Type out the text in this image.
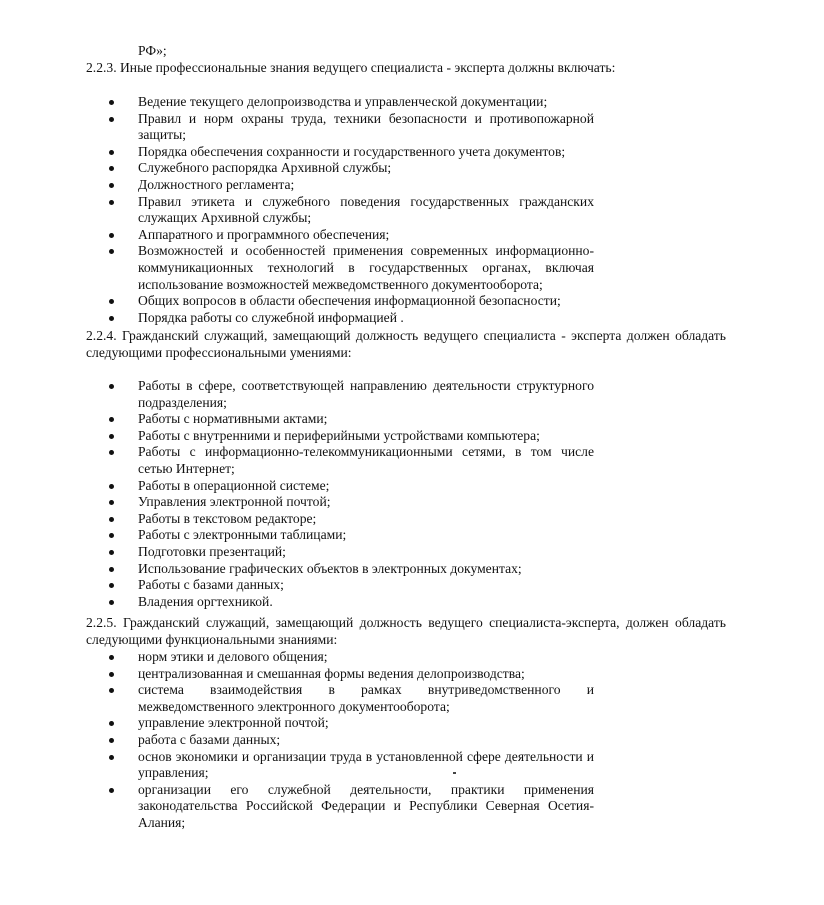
РФ»;
2.2.3. Иные профессиональные знания ведущего специалиста - эксперта должны включать:
Ведение текущего делопроизводства и управленческой документации;
Правил и норм охраны труда, техники безопасности и противопожарной защиты;
Порядка обеспечения сохранности и государственного учета документов;
Служебного распорядка Архивной службы;
Должностного регламента;
Правил этикета и служебного поведения государственных гражданских служащих Архивной службы;
Аппаратного и программного обеспечения;
Возможностей и особенностей применения современных информационно-коммуникационных технологий в государственных органах, включая использование возможностей межведомственного документооборота;
Общих вопросов в области обеспечения информационной безопасности;
Порядка работы со служебной информацией .
2.2.4. Гражданский служащий, замещающий должность ведущего специалиста - эксперта должен обладать следующими профессиональными умениями:
Работы в сфере, соответствующей направлению деятельности структурного подразделения;
Работы с нормативными актами;
Работы с внутренними и периферийными устройствами компьютера;
Работы с информационно-телекоммуникационными сетями, в том числе сетью Интернет;
Работы в операционной системе;
Управления электронной почтой;
Работы в текстовом редакторе;
Работы с электронными таблицами;
Подготовки презентаций;
Использование графических объектов в электронных документах;
Работы с базами данных;
Владения оргтехникой.
2.2.5. Гражданский служащий, замещающий должность ведущего специалиста-эксперта, должен обладать следующими функциональными знаниями:
норм этики и делового общения;
централизованная и смешанная формы ведения делопроизводства;
система взаимодействия в рамках внутриведомственного и межведомственного электронного документооборота;
управление электронной почтой;
работа с базами данных;
основ экономики и организации труда в установленной сфере деятельности и управления;
организации его служебной деятельности, практики применения законодательства Российской Федерации и Республики Северная Осетия-Алания;
